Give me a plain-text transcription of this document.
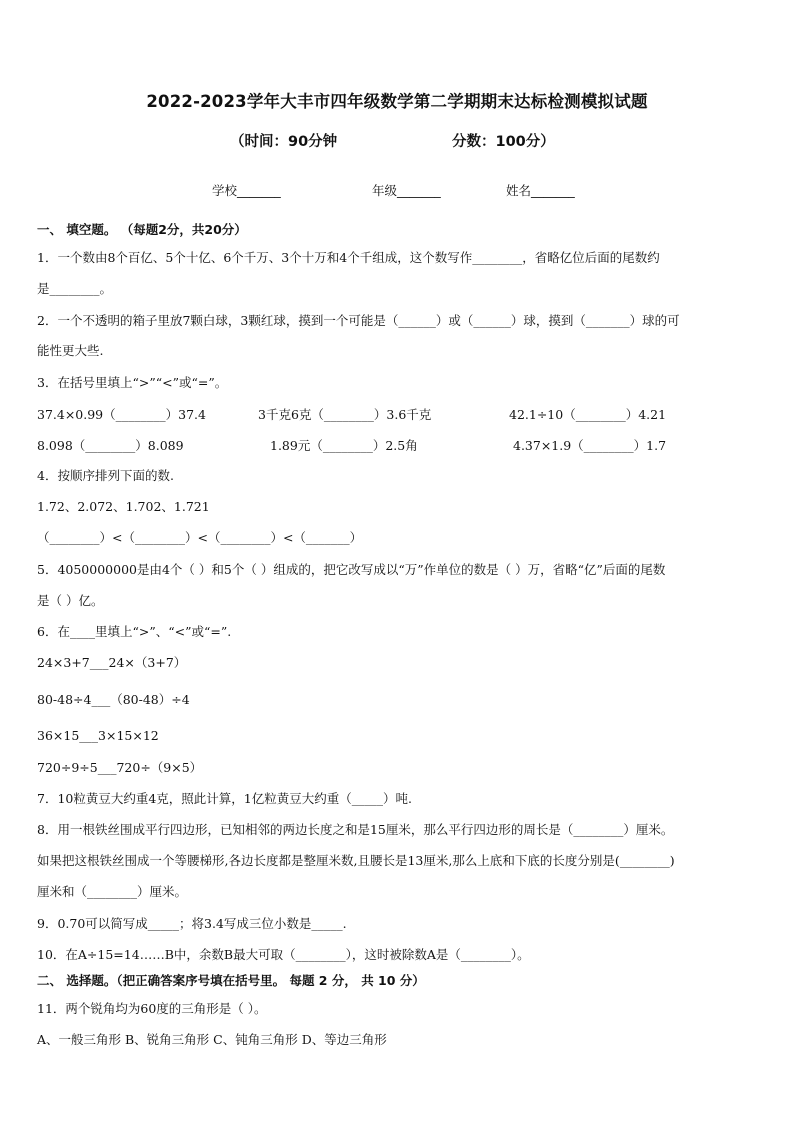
2022-2023学年大丰市四年级数学第二学期期末达标检测模拟试题
（时间：90分钟	分数：100分）
学校_______	年级_______	姓名_______
一、 填空题。 （每题2分，共20分）
1．一个数由8个百亿、5个十亿、6个千万、3个十万和4个千组成，这个数写作________，省略亿位后面的尾数约
是________。
2．一个不透明的箱子里放7颗白球，3颗红球，摸到一个可能是（______）或（______）球，摸到（_______）球的可
能性更大些.
3．在括号里填上“>”“<”或“=”。
37.4×0.99（________）37.4	3千克6克（________）3.6千克	42.1÷10（________）4.21
8.098（________）8.089	1.89元（________）2.5角	4.37×1.9（________）1.7
4．按顺序排列下面的数.
1.72、2.072、1.702、1.721
（________）<（________）<（________）<（_______）
5．4050000000是由4个（ ）和5个（ ）组成的，把它改写成以“万”作单位的数是（ ）万，省略“亿”后面的尾数
是（ ）亿。
6．在____里填上“>”、“<”或“=”.
24×3+7___24×（3+7）
80-48÷4___（80-48）÷4
36×15___3×15×12
720÷9÷5___720÷（9×5）
7．10粒黄豆大约重4克，照此计算，1亿粒黄豆大约重（_____）吨.
8．用一根铁丝围成平行四边形，已知相邻的两边长度之和是15厘米，那么平行四边形的周长是（________）厘米。
如果把这根铁丝围成一个等腰梯形,各边长度都是整厘米数,且腰长是13厘米,那么上底和下底的长度分别是(________)
厘米和（________）厘米。
9．0.70可以简写成_____；将3.4写成三位小数是_____.
10．在A÷15=14……B中，余数B最大可取（________），这时被除数A是（________）。
二、 选择题。（把正确答案序号填在括号里。 每题 2 分， 共 10 分）
11．两个锐角均为60度的三角形是（ ）。
A、一般三角形 B、锐角三角形 C、钝角三角形 D、等边三角形
